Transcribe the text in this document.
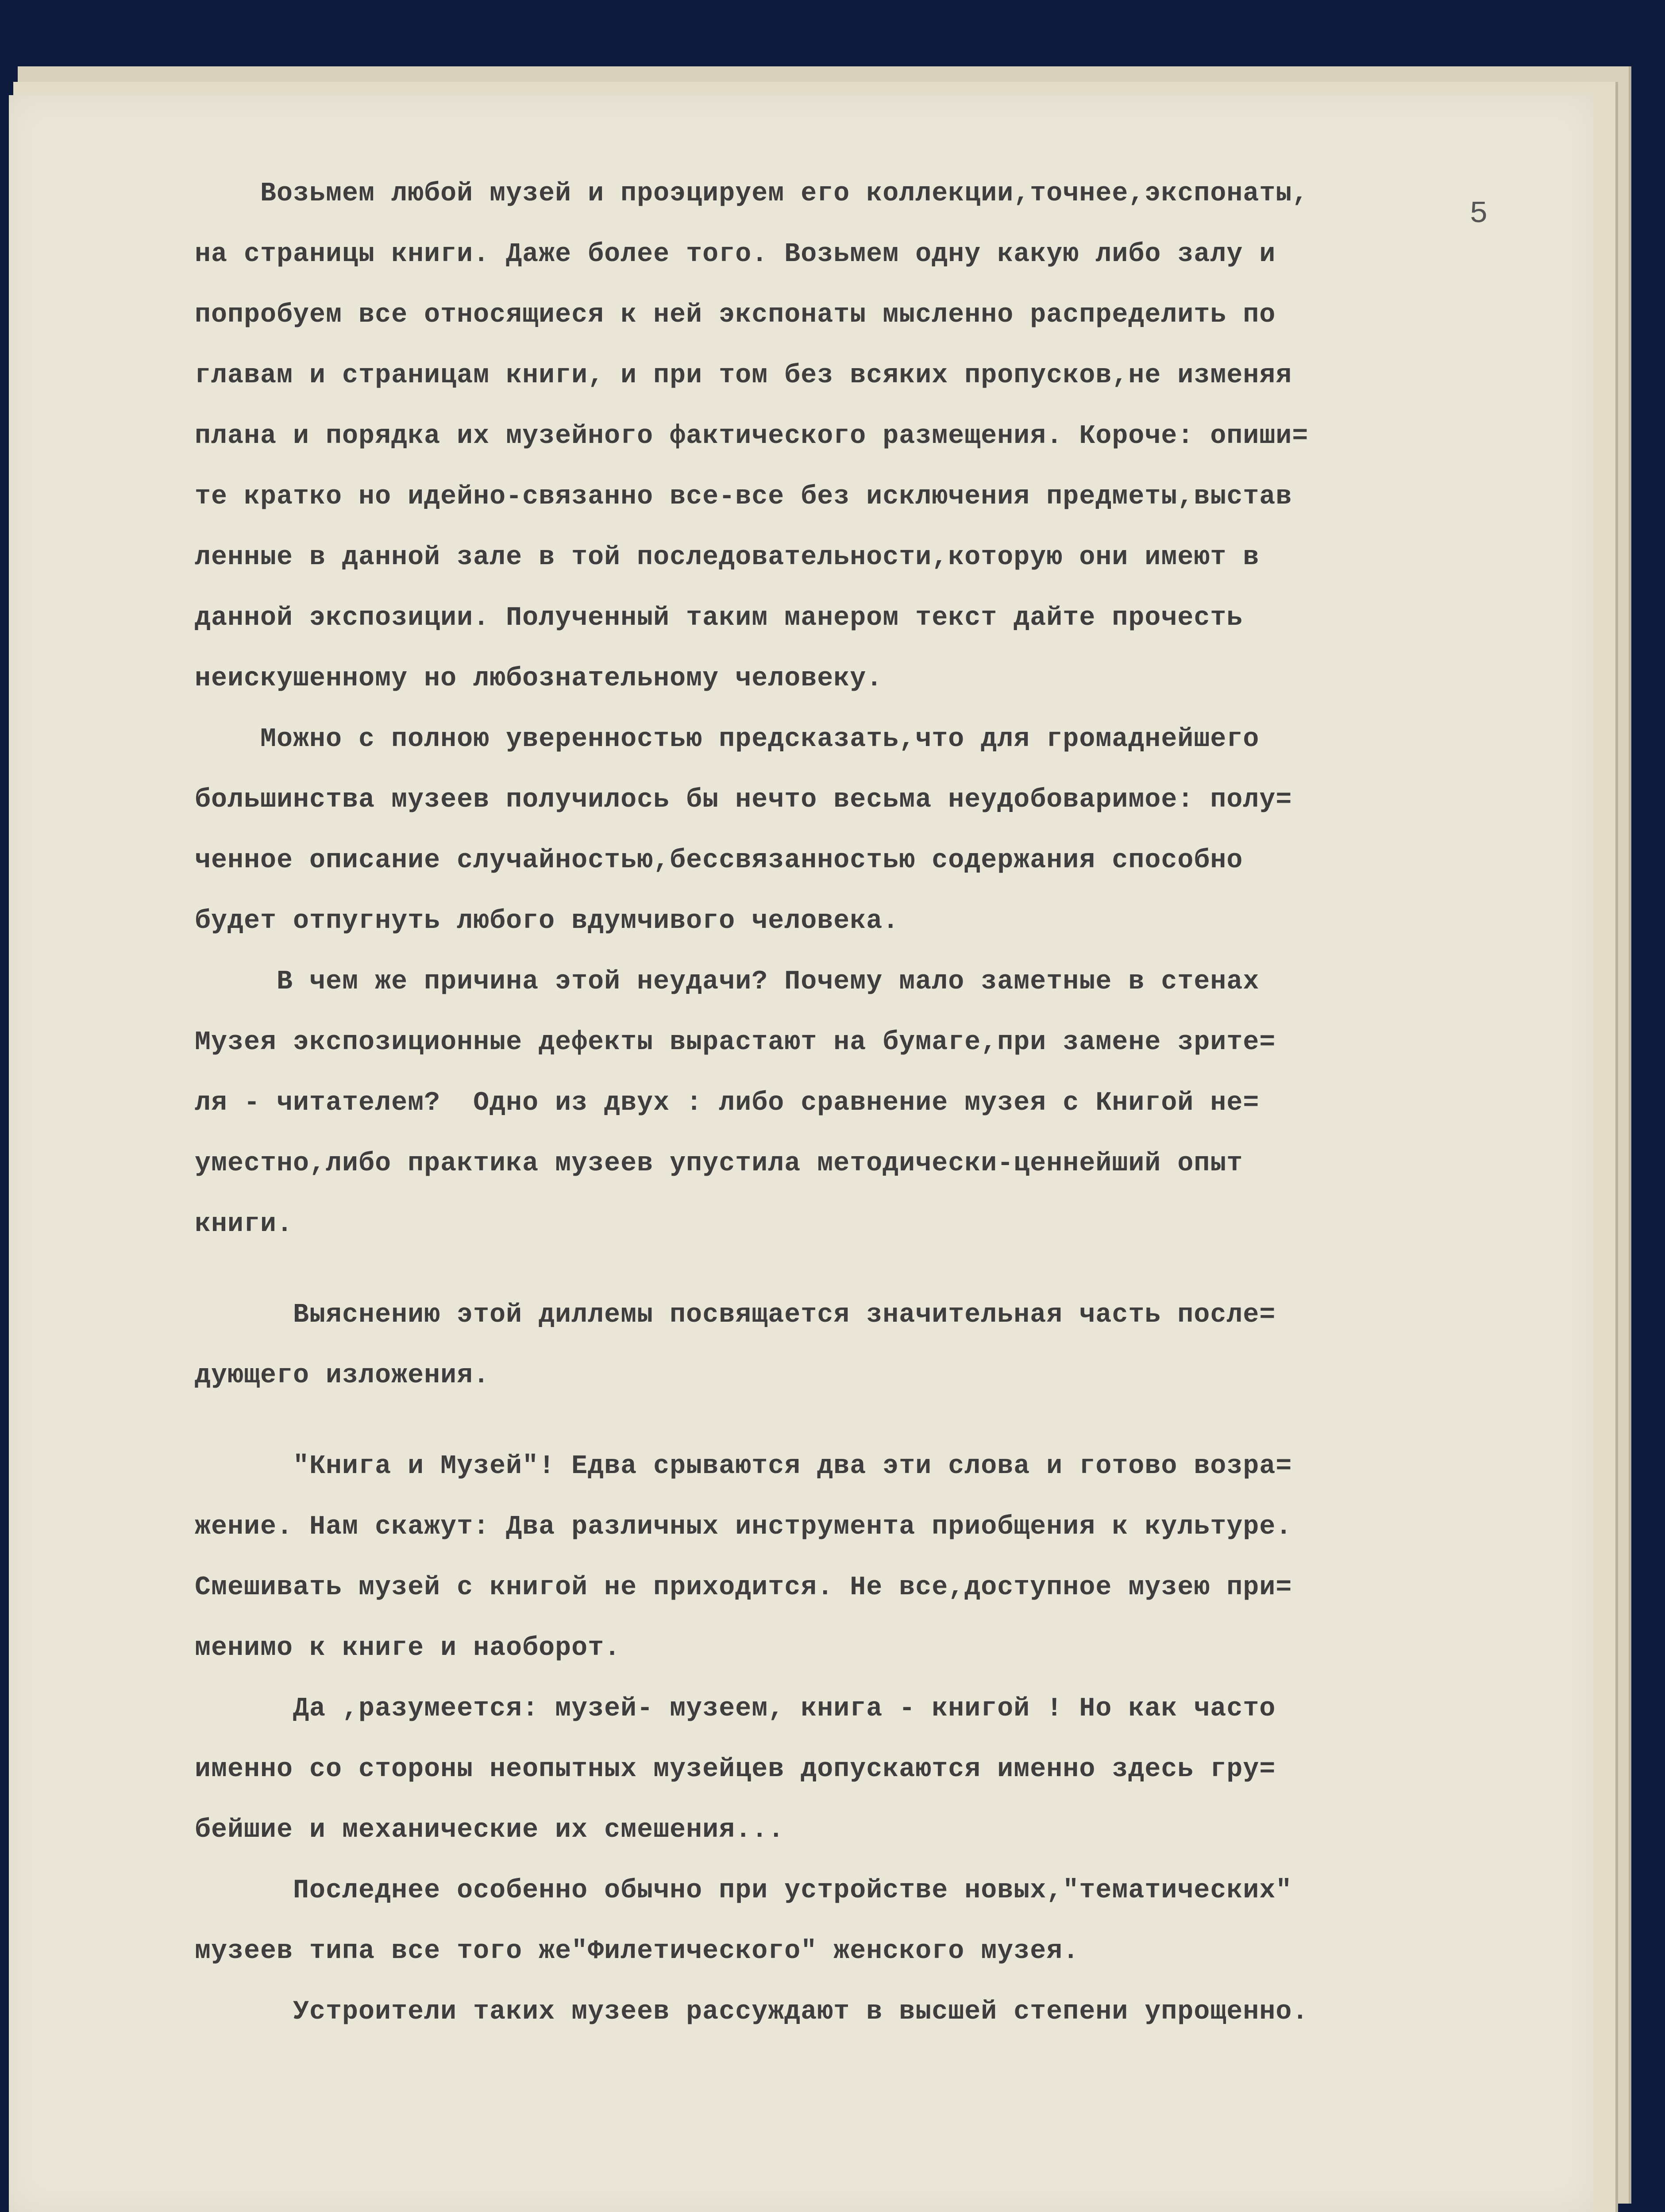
5
Возьмем любой музей и проэцируем его коллекции,точнее,экспонаты,
на страницы книги. Даже более того. Возьмем одну какую либо залу и
попробуем все относящиеся к ней экспонаты мысленно распределить по
главам и страницам книги, и при том без всяких пропусков,не изменяя
плана и порядка их музейного фактического размещения. Короче: опиши=
те кратко но идейно-связанно все-все без исключения предметы,выстав
ленные в данной зале в той последовательности,которую они имеют в
данной экспозиции. Полученный таким манером текст дайте прочесть
неискушенному но любознательному человеку.
Можно с полною уверенностью предсказать,что для громаднейшего
большинства музеев получилось бы нечто весьма неудобоваримое: полу=
ченное описание случайностью,бессвязанностью содержания способно
будет отпугнуть любого вдумчивого человека.
В чем же причина этой неудачи? Почему мало заметные в стенах
Музея экспозиционные дефекты вырастают на бумаге,при замене зрите=
ля - читателем?  Одно из двух : либо сравнение музея с Книгой не=
уместно,либо практика музеев упустила методически-ценнейший опыт
книги.
Выяснению этой диллемы посвящается значительная часть после=
дующего изложения.
"Книга и Музей"! Едва срываются два эти слова и готово возра=
жение. Нам скажут: Два различных инструмента приобщения к культуре.
Смешивать музей с книгой не приходится. Не все,доступное музею при=
менимо к книге и наоборот.
Да ,разумеется: музей- музеем, книга - книгой ! Но как часто
именно со стороны неопытных музейцев допускаются именно здесь гру=
бейшие и механические их смешения...
Последнее особенно обычно при устройстве новых,"тематических"
музеев типа все того же"Филетического" женского музея.
Устроители таких музеев рассуждают в высшей степени упрощенно.
